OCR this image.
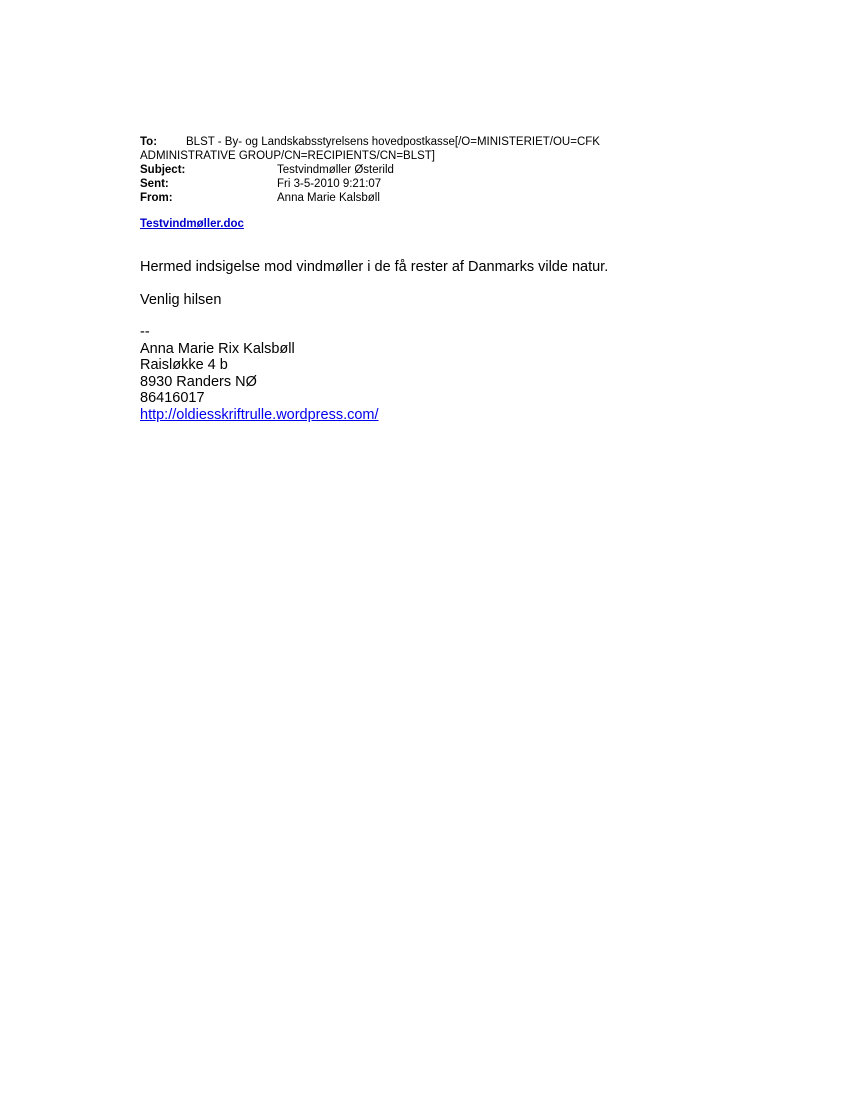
To:	BLST - By- og Landskabsstyrelsens hovedpostkasse[/O=MINISTERIET/OU=CFK
ADMINISTRATIVE GROUP/CN=RECIPIENTS/CN=BLST]
Subject:	Testvindmøller Østerild
Sent:	Fri 3-5-2010 9:21:07
From:	Anna Marie Kalsbøll
Testvindmøller.doc

Hermed indsigelse mod vindmøller i de få rester af Danmarks vilde natur.

Venlig hilsen

--

Anna Marie Rix Kalsbøll

Raisløkke 4 b

8930 Randers NØ

86416017

http://oldiesskriftrulle.wordpress.com/
